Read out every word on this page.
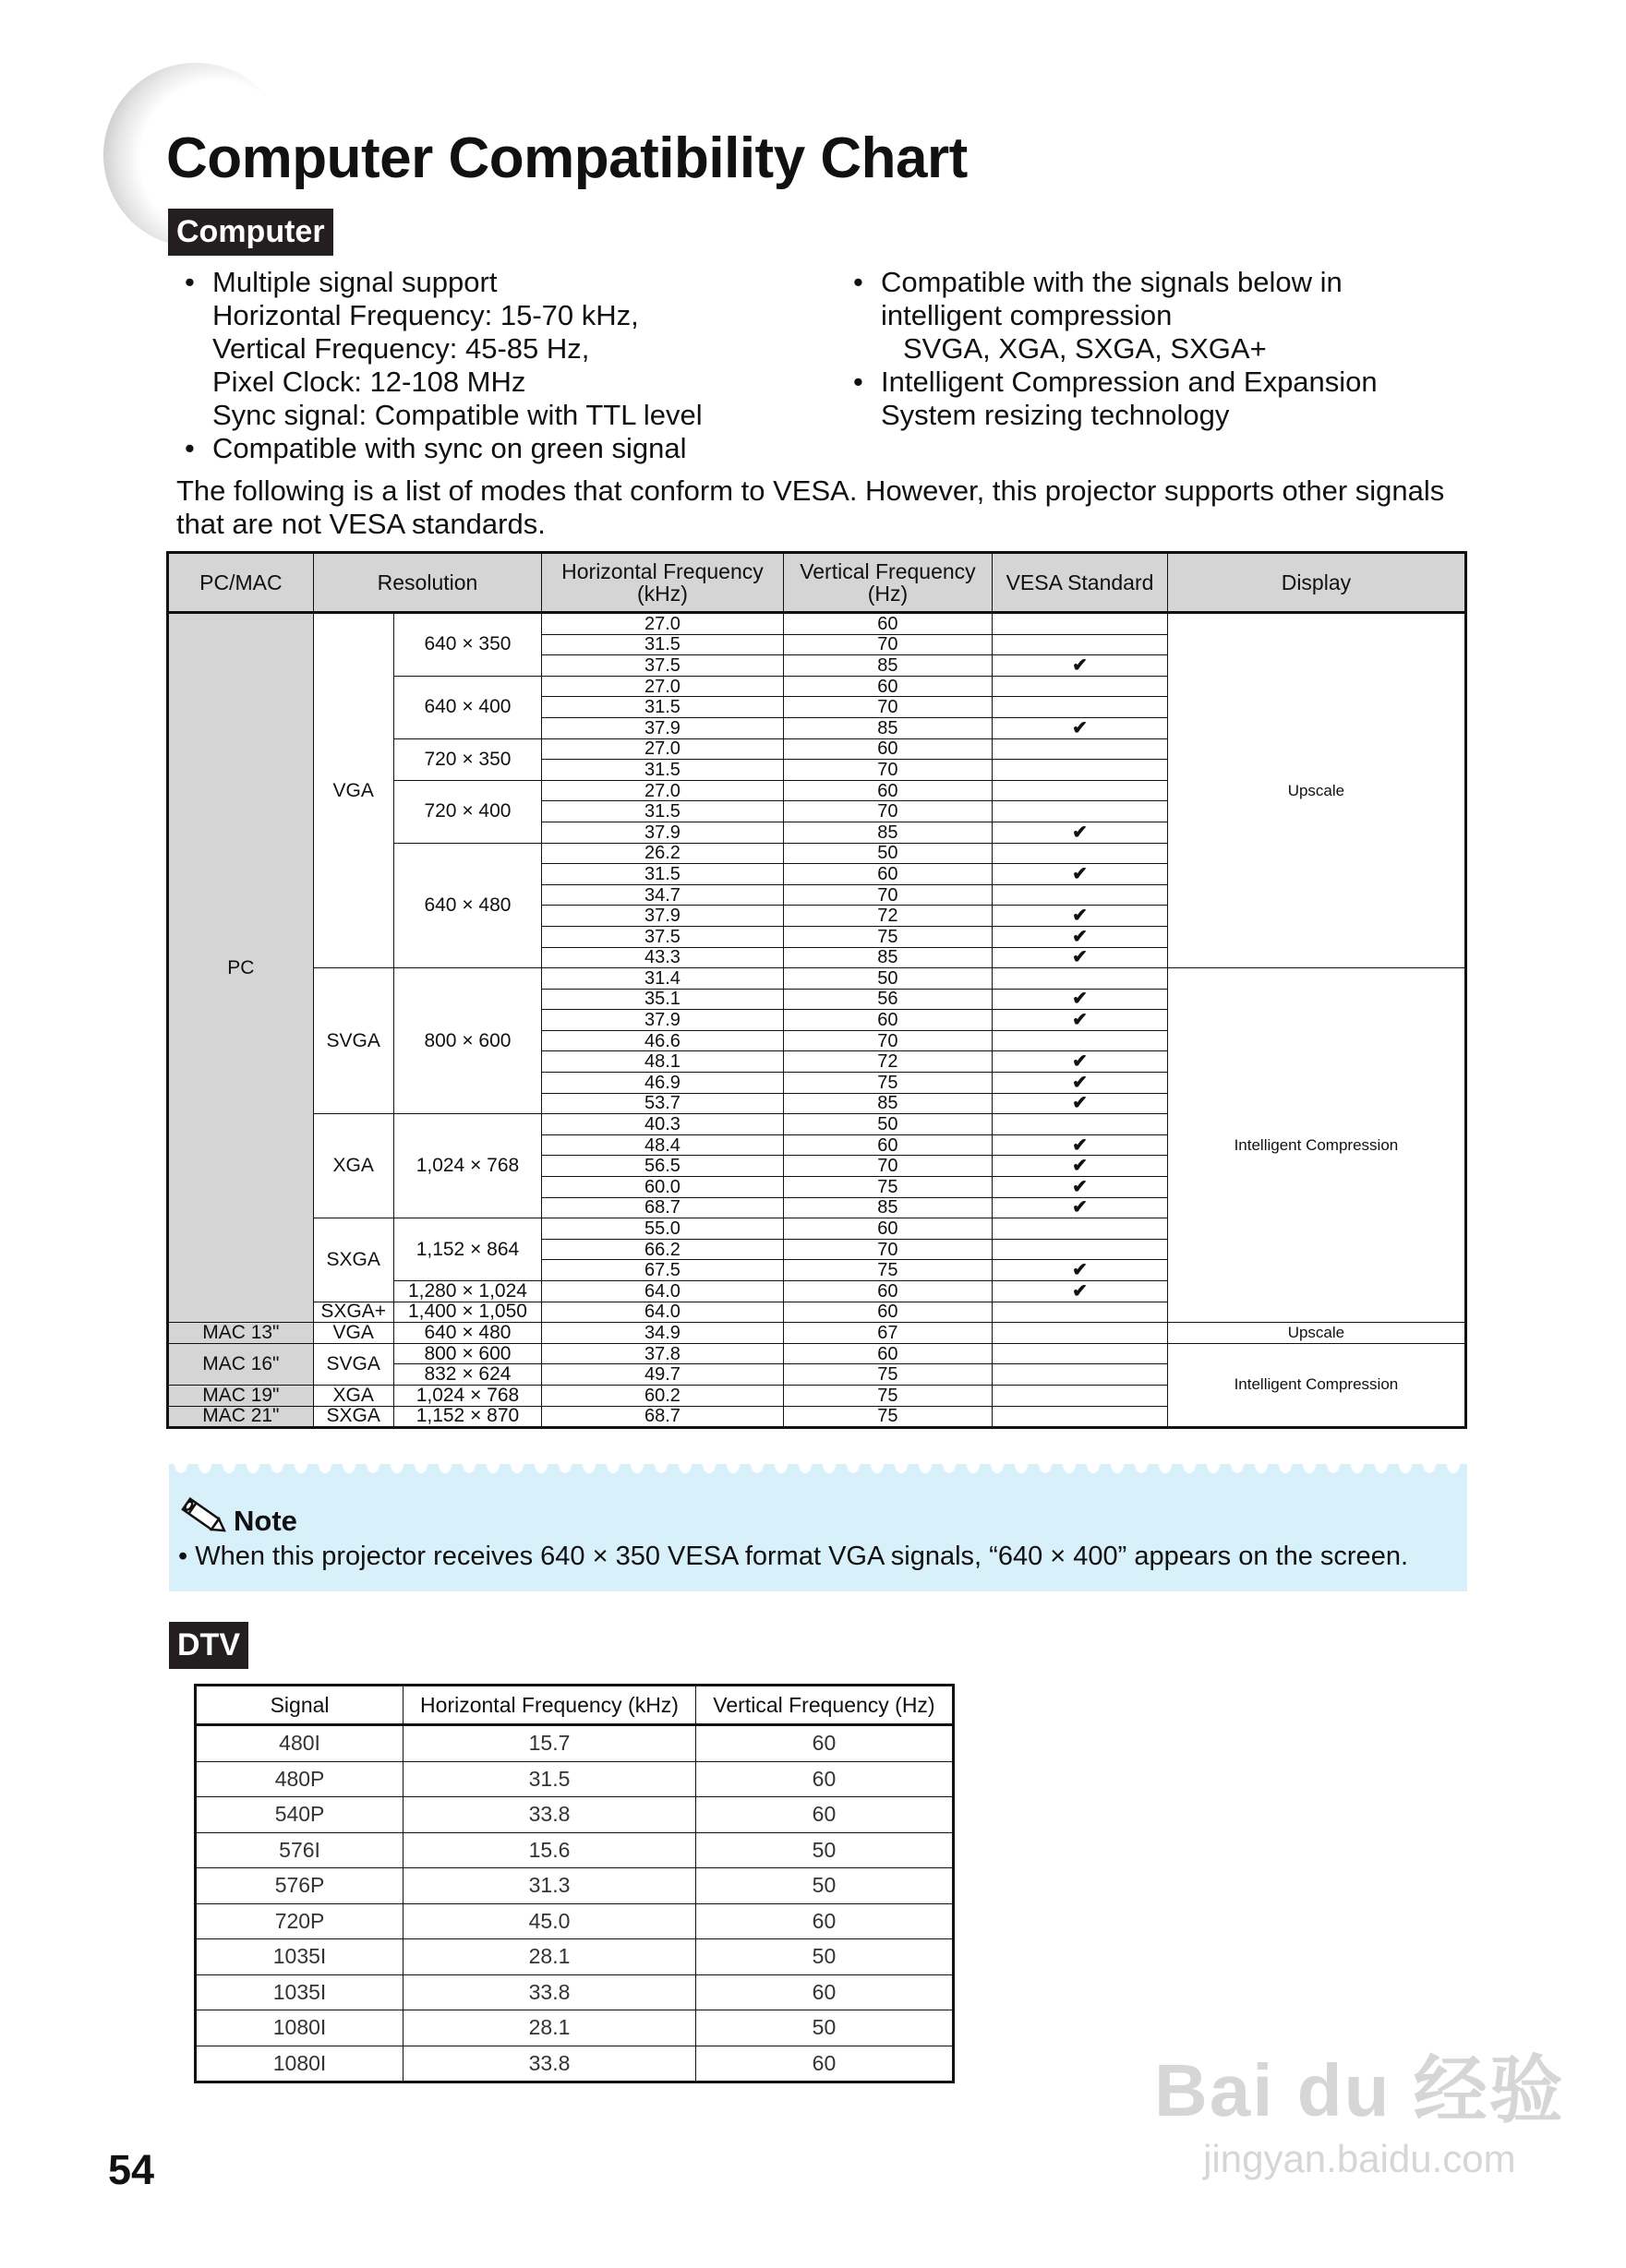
Computer Compatibility Chart
Computer
• Multiple signal support
Horizontal Frequency: 15-70 kHz,
Vertical Frequency: 45-85 Hz,
Pixel Clock: 12-108 MHz
Sync signal: Compatible with TTL level
• Compatible with sync on green signal
• Compatible with the signals below in
intelligent compression
SVGA, XGA, SXGA, SXGA+
• Intelligent Compression and Expansion
System resizing technology
The following is a list of modes that conform to VESA. However, this projector supports other signals that are not VESA standards.
PC/MAC	Resolution		Horizontal Frequency (kHz)	Vertical Frequency (Hz)	VESA Standard	Display
PC	VGA	640 × 350	27.0	60		Upscale
			31.5	70		
			37.5	85	✔	
		640 × 400	27.0	60		
			31.5	70		
			37.9	85	✔	
		720 × 350	27.0	60		
			31.5	70		
		720 × 400	27.0	60		
			31.5	70		
			37.9	85	✔	
		640 × 480	26.2	50		
			31.5	60	✔	
			34.7	70		
			37.9	72	✔	
			37.5	75	✔	
			43.3	85	✔	
	SVGA	800 × 600	31.4	50		Intelligent Compression
			35.1	56	✔	
			37.9	60	✔	
			46.6	70		
			48.1	72	✔	
			46.9	75	✔	
			53.7	85	✔	
	XGA	1,024 × 768	40.3	50		
			48.4	60	✔	
			56.5	70	✔	
			60.0	75	✔	
			68.7	85	✔	
	SXGA	1,152 × 864	55.0	60		
			66.2	70		
			67.5	75	✔	
		1,280 × 1,024	64.0	60	✔	
	SXGA+	1,400 × 1,050	64.0	60		
MAC 13"	VGA	640 × 480	34.9	67		Upscale
MAC 16"	SVGA	800 × 600	37.8	60		Intelligent Compression
		832 × 624	49.7	75		
MAC 19"	XGA	1,024 × 768	60.2	75		
MAC 21"	SXGA	1,152 × 870	68.7	75		
Note
• When this projector receives 640 × 350 VESA format VGA signals, “640 × 400” appears on the screen.
DTV
Signal	Horizontal Frequency (kHz)	Vertical Frequency (Hz)
480I	15.7	60
480P	31.5	60
540P	33.8	60
576I	15.6	50
576P	31.3	50
720P	45.0	60
1035I	28.1	50
1035I	33.8	60
1080I	28.1	50
1080I	33.8	60
54
Bai du 经验
jingyan.baidu.com
